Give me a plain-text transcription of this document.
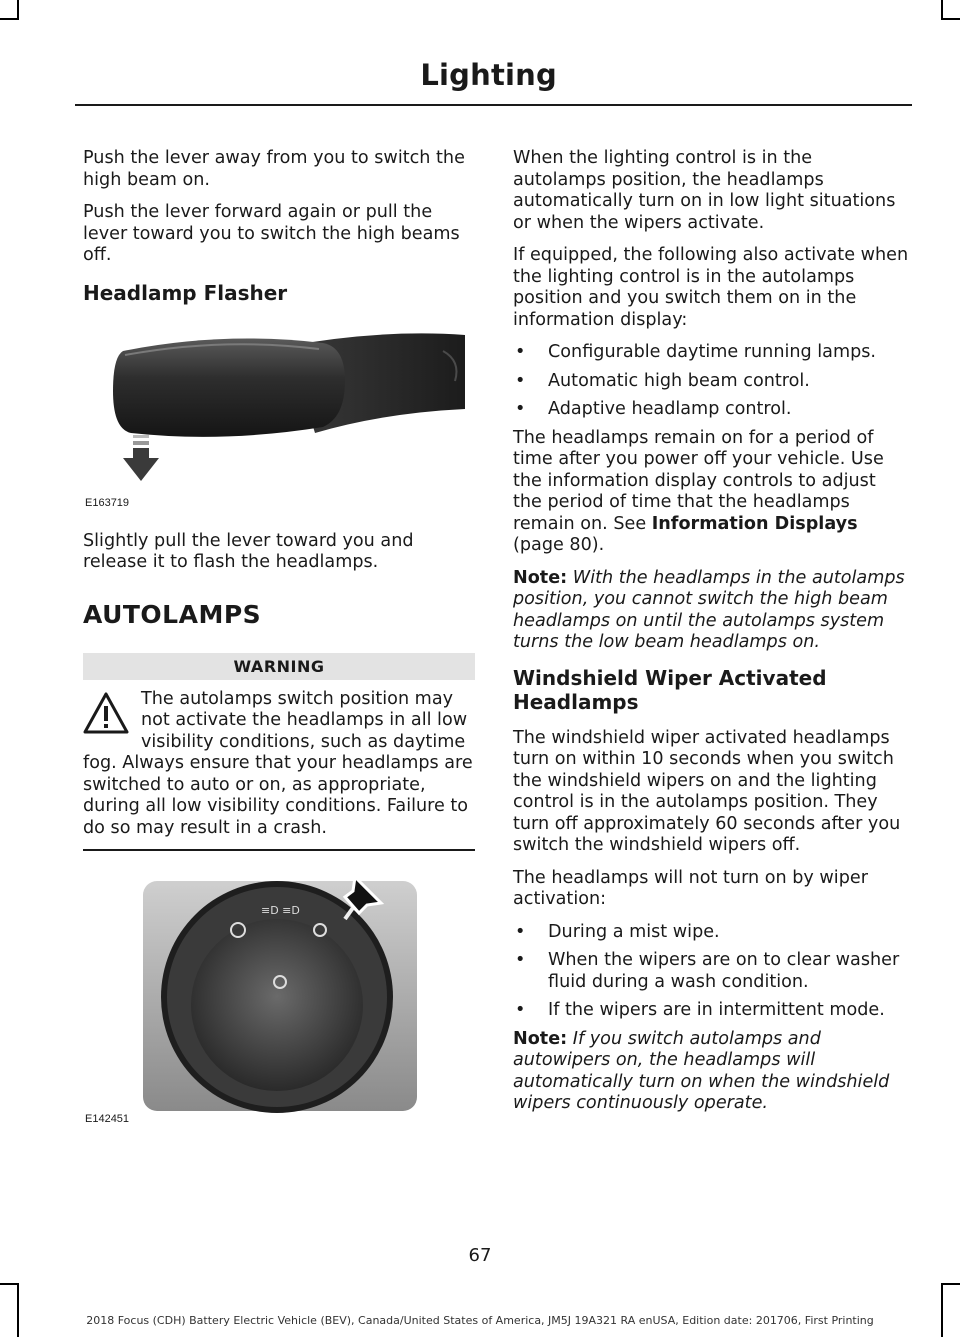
Lighting

Push the lever away from you to switch the high beam on.

Push the lever forward again or pull the lever toward you to switch the high beams off.

Headlamp Flasher
E163719

Slightly pull the lever toward you and release it to flash the headlamps.

AUTOLAMPS
WARNING
The autolamps switch position may not activate the headlamps in all low visibility conditions, such as daytime fog. Always ensure that your headlamps are switched to auto or on, as appropriate, during all low visibility conditions. Failure to do so may result in a crash.
≡D ≡D
E142451

When the lighting control is in the autolamps position, the headlamps automatically turn on in low light situations or when the wipers activate.

If equipped, the following also activate when the lighting control is in the autolamps position and you switch them on in the information display:

• Configurable daytime running lamps.
• Automatic high beam control.
• Adaptive headlamp control.

The headlamps remain on for a period of time after you power off your vehicle. Use the information display controls to adjust the period of time that the headlamps remain on. See Information Displays (page 80).

Note: With the headlamps in the autolamps position, you cannot switch the high beam headlamps on until the autolamps system turns the low beam headlamps on.

Windshield Wiper Activated Headlamps

The windshield wiper activated headlamps turn on within 10 seconds when you switch the windshield wipers on and the lighting control is in the autolamps position. They turn off approximately 60 seconds after you switch the windshield wipers off.

The headlamps will not turn on by wiper activation:

• During a mist wipe.
• When the wipers are on to clear washer fluid during a wash condition.
• If the wipers are in intermittent mode.

Note: If you switch autolamps and autowipers on, the headlamps will automatically turn on when the windshield wipers continuously operate.

67
2018 Focus (CDH) Battery Electric Vehicle (BEV), Canada/United States of America, JM5J 19A321 RA enUSA, Edition date: 201706, First Printing
